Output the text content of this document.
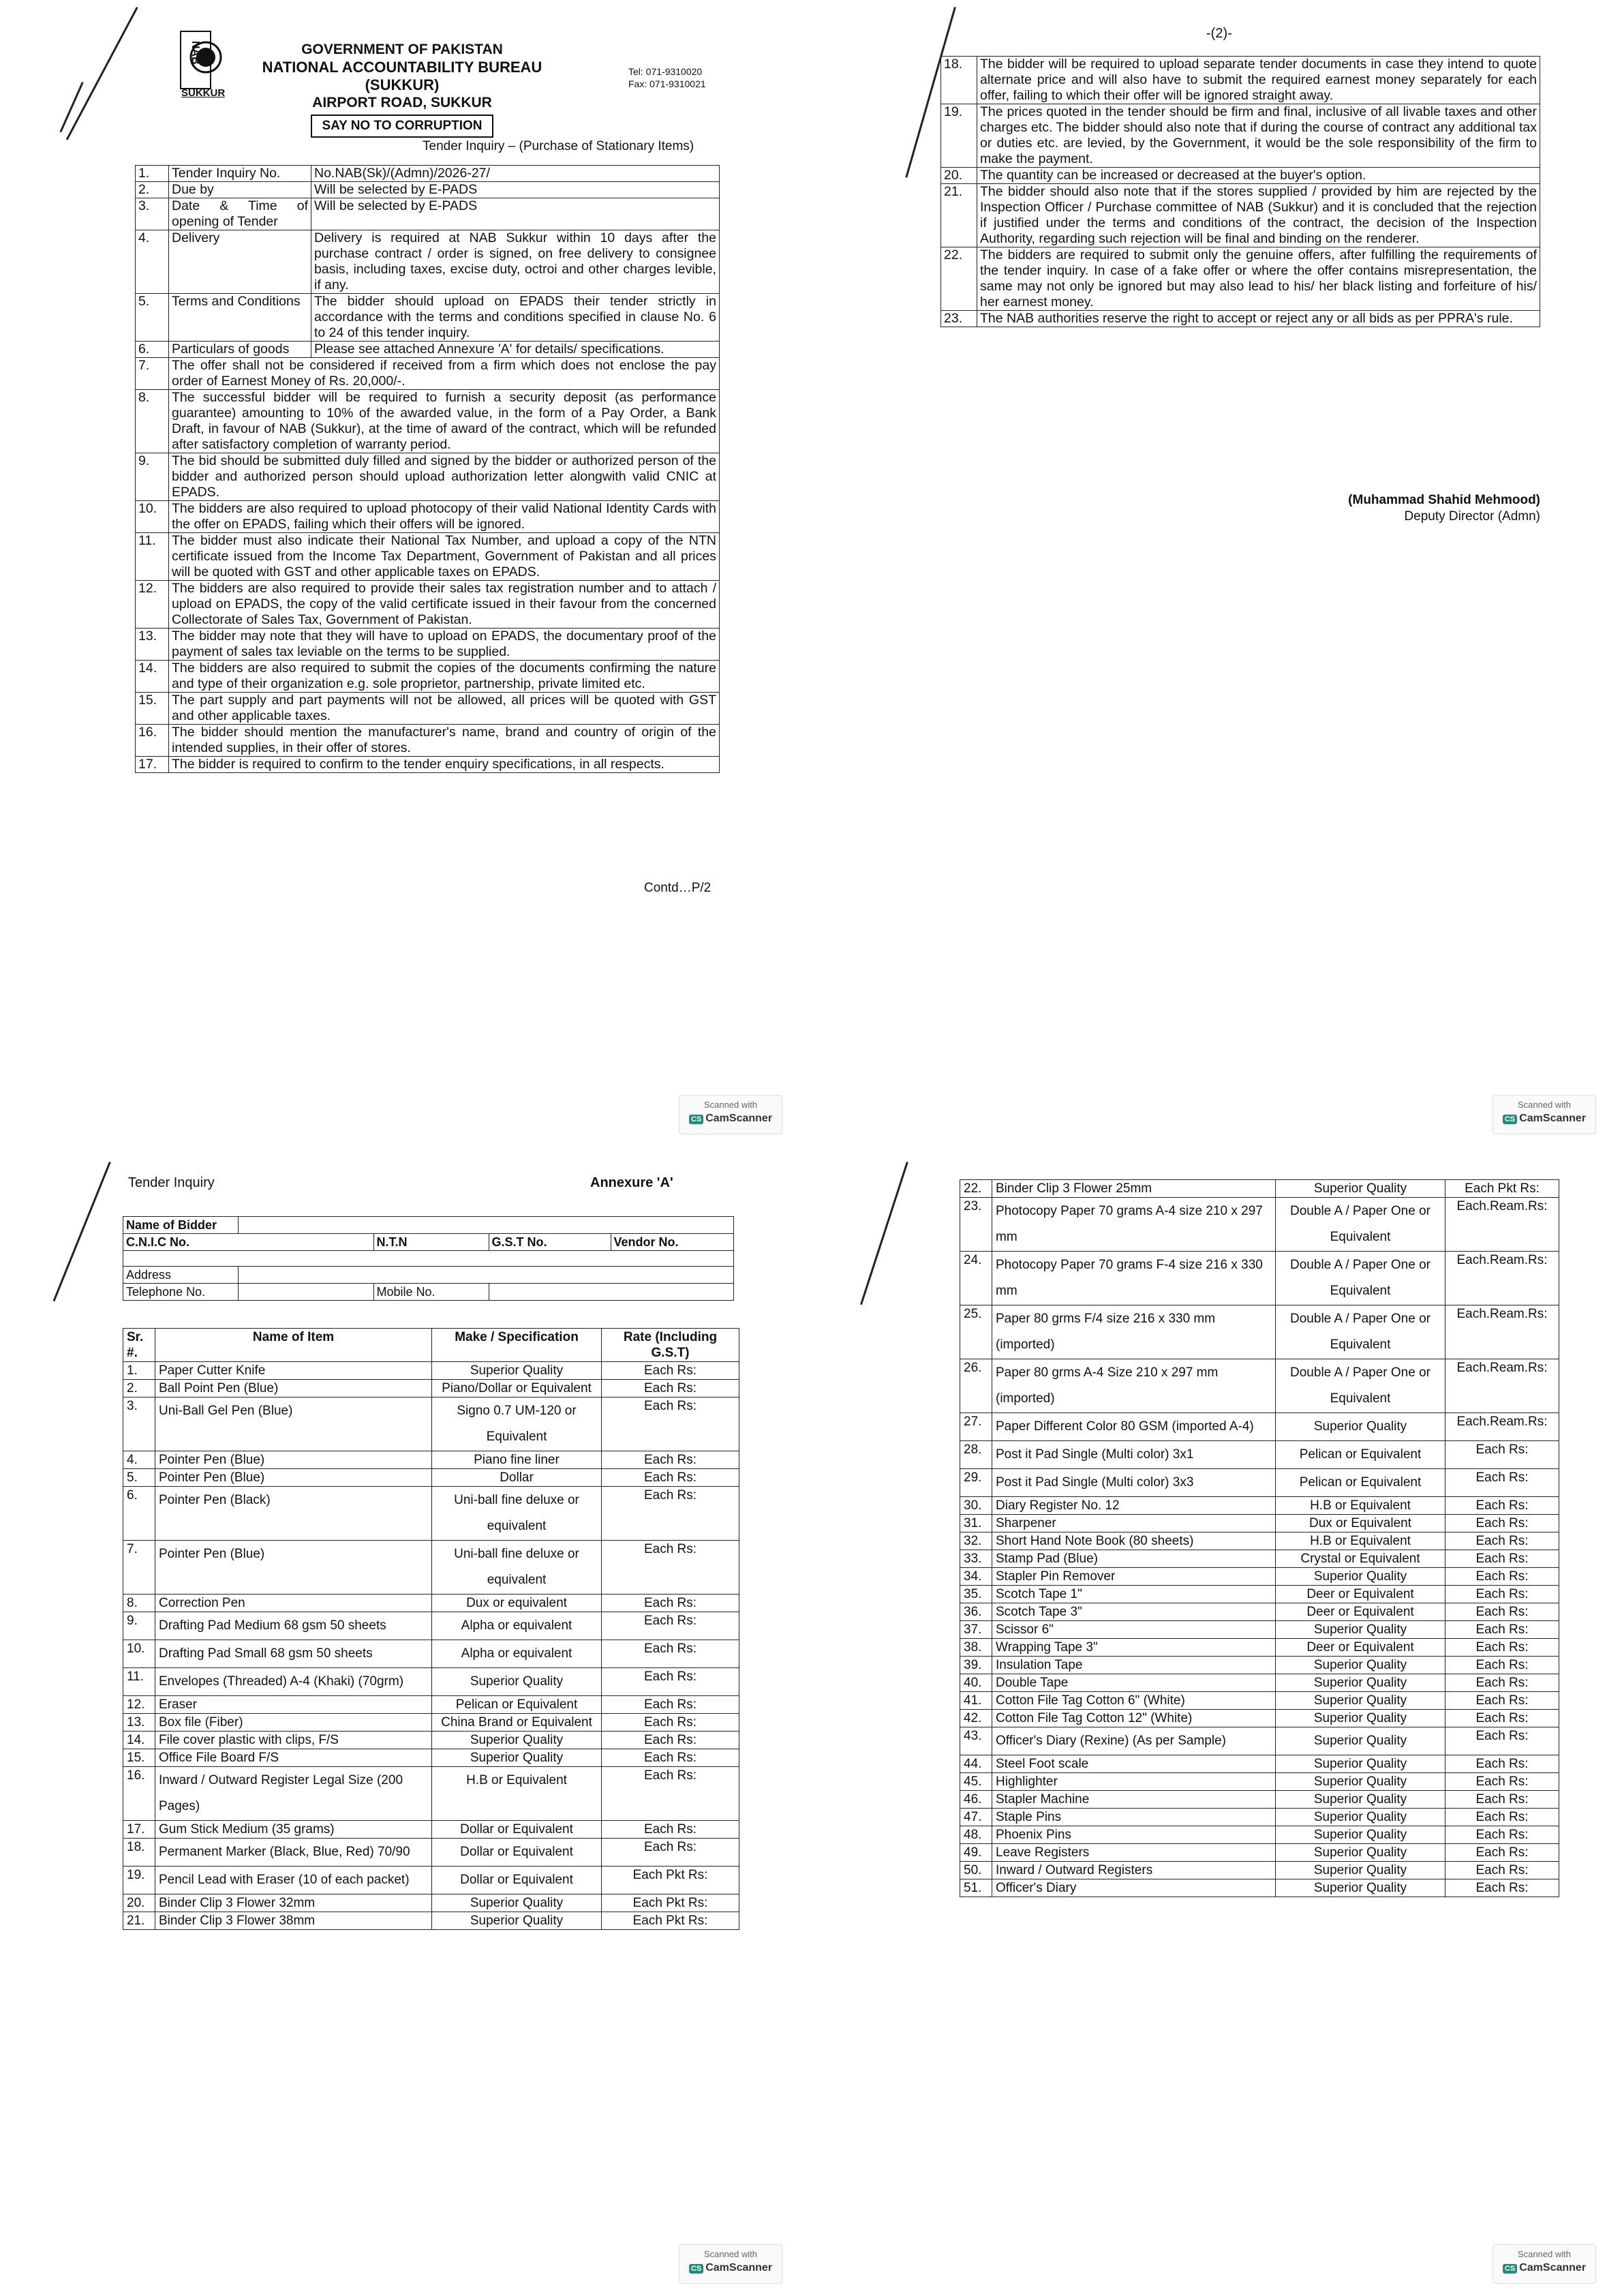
NAB
SUKKUR
GOVERNMENT OF PAKISTAN
NATIONAL ACCOUNTABILITY BUREAU (SUKKUR)
AIRPORT ROAD, SUKKUR
SAY NO TO CORRUPTION
Tel: 071-9310020
Fax: 071-9310021
Tender Inquiry – (Purchase of Stationary Items)
1.	Tender Inquiry No.	No.NAB(Sk)/(Admn)/2026-27/
2.	Due by	Will be selected by E-PADS
3.	Date & Time of opening of Tender	Will be selected by E-PADS
4.	Delivery	Delivery is required at NAB Sukkur within 10 days after the purchase contract / order is signed, on free delivery to consignee basis, including taxes, excise duty, octroi and other charges levible, if any.
5.	Terms and Conditions	The bidder should upload on EPADS their tender strictly in accordance with the terms and conditions specified in clause No. 6 to 24 of this tender inquiry.
6.	Particulars of goods	Please see attached Annexure 'A' for details/ specifications.
7.	The offer shall not be considered if received from a firm which does not enclose the pay order of Earnest Money of Rs. 20,000/-.	
8.	The successful bidder will be required to furnish a security deposit (as performance guarantee) amounting to 10% of the awarded value, in the form of a Pay Order, a Bank Draft, in favour of NAB (Sukkur), at the time of award of the contract, which will be refunded after satisfactory completion of warranty period.	
9.	The bid should be submitted duly filled and signed by the bidder or authorized person of the bidder and authorized person should upload authorization letter alongwith valid CNIC at EPADS.	
10.	The bidders are also required to upload photocopy of their valid National Identity Cards with the offer on EPADS, failing which their offers will be ignored.	
11.	The bidder must also indicate their National Tax Number, and upload a copy of the NTN certificate issued from the Income Tax Department, Government of Pakistan and all prices will be quoted with GST and other applicable taxes on EPADS.	
12.	The bidders are also required to provide their sales tax registration number and to attach / upload on EPADS, the copy of the valid certificate issued in their favour from the concerned Collectorate of Sales Tax, Government of Pakistan.	
13.	The bidder may note that they will have to upload on EPADS, the documentary proof of the payment of sales tax leviable on the terms to be supplied.	
14.	The bidders are also required to submit the copies of the documents confirming the nature and type of their organization e.g. sole proprietor, partnership, private limited etc.	
15.	The part supply and part payments will not be allowed, all prices will be quoted with GST and other applicable taxes.	
16.	The bidder should mention the manufacturer's name, brand and country of origin of the intended supplies, in their offer of stores.	
17.	The bidder is required to confirm to the tender enquiry specifications, in all respects.	
Contd…P/2
Scanned with
CS CamScanner
-(2)-
18.	The bidder will be required to upload separate tender documents in case they intend to quote alternate price and will also have to submit the required earnest money separately for each offer, failing to which their offer will be ignored straight away.
19.	The prices quoted in the tender should be firm and final, inclusive of all livable taxes and other charges etc. The bidder should also note that if during the course of contract any additional tax or duties etc. are levied, by the Government, it would be the sole responsibility of the firm to make the payment.
20.	The quantity can be increased or decreased at the buyer's option.
21.	The bidder should also note that if the stores supplied / provided by him are rejected by the Inspection Officer / Purchase committee of NAB (Sukkur) and it is concluded that the rejection if justified under the terms and conditions of the contract, the decision of the Inspection Authority, regarding such rejection will be final and binding on the renderer.
22.	The bidders are required to submit only the genuine offers, after fulfilling the requirements of the tender inquiry. In case of a fake offer or where the offer contains misrepresentation, the same may not only be ignored but may also lead to his/ her black listing and forfeiture of his/ her earnest money.
23.	The NAB authorities reserve the right to accept or reject any or all bids as per PPRA's rule.
(Muhammad Shahid Mehmood)
Deputy Director (Admn)
Scanned with
CS CamScanner
Tender Inquiry	Annexure 'A'
Name of Bidder				
C.N.I.C No.		N.T.N	G.S.T No.	Vendor No.

Address				
Telephone No.		Mobile No.		
Sr. #.	Name of Item	Make / Specification	Rate (Including G.S.T)
1.	Paper Cutter Knife	Superior Quality	Each Rs:
2.	Ball Point Pen (Blue)	Piano/Dollar or Equivalent	Each Rs:
3.	Uni-Ball Gel Pen (Blue)	Signo 0.7 UM-120 or Equivalent	Each Rs:
4.	Pointer Pen (Blue)	Piano fine liner	Each Rs:
5.	Pointer Pen (Blue)	Dollar	Each Rs:
6.	Pointer Pen (Black)	Uni-ball fine deluxe or equivalent	Each Rs:
7.	Pointer Pen (Blue)	Uni-ball fine deluxe or equivalent	Each Rs:
8.	Correction Pen	Dux or equivalent	Each Rs:
9.	Drafting Pad Medium 68 gsm 50 sheets	Alpha or equivalent	Each Rs:
10.	Drafting Pad Small 68 gsm 50 sheets	Alpha or equivalent	Each Rs:
11.	Envelopes (Threaded) A-4 (Khaki) (70grm)	Superior Quality	Each Rs:
12.	Eraser	Pelican or Equivalent	Each Rs:
13.	Box file (Fiber)	China Brand or Equivalent	Each Rs:
14.	File cover plastic with clips, F/S	Superior Quality	Each Rs:
15.	Office File Board F/S	Superior Quality	Each Rs:
16.	Inward / Outward Register Legal Size (200 Pages)	H.B or Equivalent	Each Rs:
17.	Gum Stick Medium (35 grams)	Dollar or Equivalent	Each Rs:
18.	Permanent Marker (Black, Blue, Red) 70/90	Dollar or Equivalent	Each Rs:
19.	Pencil Lead with Eraser (10 of each packet)	Dollar or Equivalent	Each Pkt Rs:
20.	Binder Clip 3 Flower 32mm	Superior Quality	Each Pkt Rs:
21.	Binder Clip 3 Flower 38mm	Superior Quality	Each Pkt Rs:
Scanned with
CS CamScanner
22.	Binder Clip 3 Flower 25mm	Superior Quality	Each Pkt Rs:
23.	Photocopy Paper 70 grams A-4 size 210 x 297 mm	Double A / Paper One or Equivalent	Each.Ream.Rs:
24.	Photocopy Paper 70 grams F-4 size 216 x 330 mm	Double A / Paper One or Equivalent	Each.Ream.Rs:
25.	Paper 80 grms F/4 size 216 x 330 mm (imported)	Double A / Paper One or Equivalent	Each.Ream.Rs:
26.	Paper 80 grms A-4 Size 210 x 297 mm (imported)	Double A / Paper One or Equivalent	Each.Ream.Rs:
27.	Paper Different Color 80 GSM (imported A-4)	Superior Quality	Each.Ream.Rs:
28.	Post it Pad Single (Multi color) 3x1	Pelican or Equivalent	Each Rs:
29.	Post it Pad Single (Multi color) 3x3	Pelican or Equivalent	Each Rs:
30.	Diary Register No. 12	H.B or Equivalent	Each Rs:
31.	Sharpener	Dux or Equivalent	Each Rs:
32.	Short Hand Note Book (80 sheets)	H.B or Equivalent	Each Rs:
33.	Stamp Pad (Blue)	Crystal or Equivalent	Each Rs:
34.	Stapler Pin Remover	Superior Quality	Each Rs:
35.	Scotch Tape 1"	Deer or Equivalent	Each Rs:
36.	Scotch Tape 3"	Deer or Equivalent	Each Rs:
37.	Scissor 6"	Superior Quality	Each Rs:
38.	Wrapping Tape 3"	Deer or Equivalent	Each Rs:
39.	Insulation Tape	Superior Quality	Each Rs:
40.	Double Tape	Superior Quality	Each Rs:
41.	Cotton File Tag Cotton 6" (White)	Superior Quality	Each Rs:
42.	Cotton File Tag Cotton 12" (White)	Superior Quality	Each Rs:
43.	Officer's Diary (Rexine) (As per Sample)	Superior Quality	Each Rs:
44.	Steel Foot scale	Superior Quality	Each Rs:
45.	Highlighter	Superior Quality	Each Rs:
46.	Stapler Machine	Superior Quality	Each Rs:
47.	Staple Pins	Superior Quality	Each Rs:
48.	Phoenix Pins	Superior Quality	Each Rs:
49.	Leave Registers	Superior Quality	Each Rs:
50.	Inward / Outward Registers	Superior Quality	Each Rs:
51.	Officer's Diary	Superior Quality	Each Rs:
Scanned with
CS CamScanner
